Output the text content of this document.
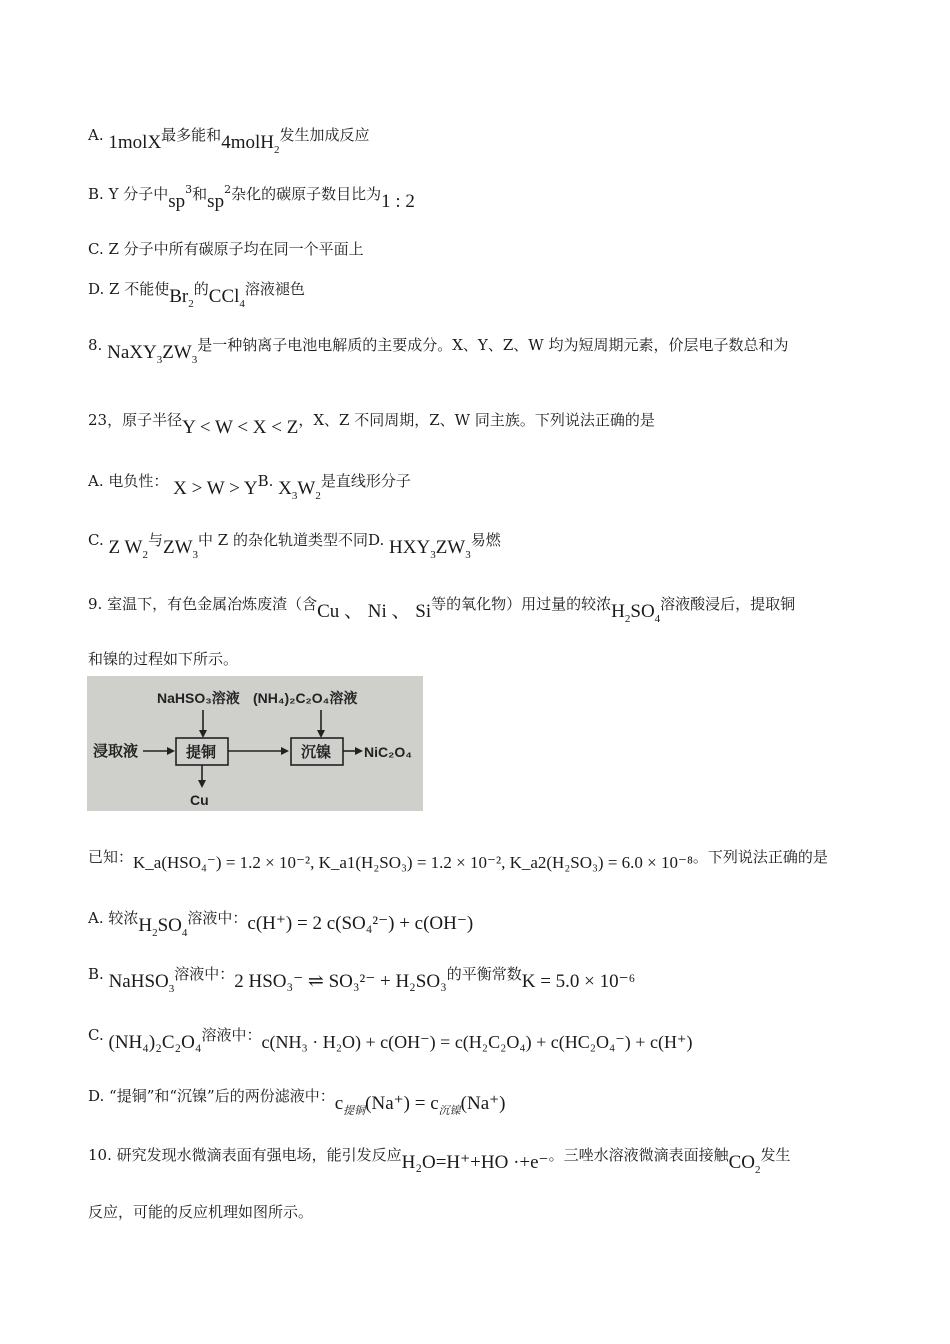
A. 1molX最多能和4molH$_2$发生加成反应
B. Y 分子中$sp^3$和$sp^2$杂化的碳原子数目比为1 : 2
C. Z 分子中所有碳原子均在同一个平面上
D. Z 不能使$Br_2$的CCl$_4$溶液褪色
8. $NaXY_3ZW_3$是一种钠离子电池电解质的主要成分。X、Y、Z、W 均为短周期元素，价层电子数总和为
23，原子半径Y < W < X < Z，X、Z 不同周期，Z、W 同主族。下列说法正确的是
A. 电负性： X > W > YB. $X_3W_2$是直线形分子
C. Z $W_2$与$ZW_3$中 Z 的杂化轨道类型不同D. $HXY_3ZW_3$易燃
9. 室温下，有色金属冶炼废渣（含Cu 、 Ni 、 Si等的氧化物）用过量的较浓$H_2SO_4$溶液酸浸后，提取铜
和镍的过程如下所示。
NaHSO₃溶液 (NH₄)₂C₂O₄溶液
浸取液	提铜	沉镍 NiC₂O₄
Cu
已知：K_a(HSO₄⁻) = 1.2 × 10⁻², K_a1(H₂SO₃) = 1.2 × 10⁻², K_a2(H₂SO₃) = 6.0 × 10⁻⁸。下列说法正确的是
A. 较浓$H_2SO_4$溶液中：c(H⁺) = 2 c(SO₄²⁻) + c(OH⁻)
B. NaHSO$_3$溶液中：2 HSO₃⁻ ⇌ SO₃²⁻ + H₂SO₃的平衡常数K = 5.0 × 10⁻⁶
C. (NH₄)₂C₂O₄溶液中：c(NH₃ · H₂O) + c(OH⁻) = c(H₂C₂O₄) + c(HC₂O₄⁻) + c(H⁺)
D. “提铜”和“沉镍”后的两份滤液中：$c_{提铜}(Na^+) = c_{沉镍}(Na^+)$
10. 研究发现水微滴表面有强电场，能引发反应H₂O=H⁺+HO ·+e⁻。三唑水溶液微滴表面接触$CO_2$发生
反应，可能的反应机理如图所示。
